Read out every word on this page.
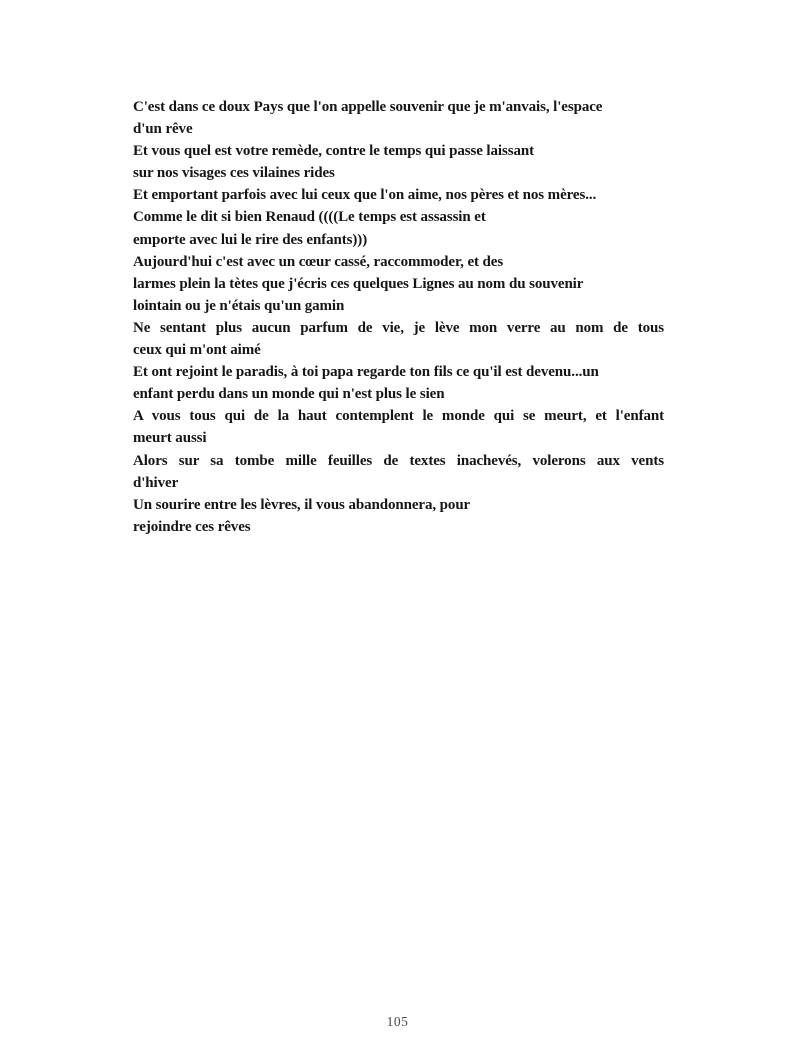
C'est dans ce doux Pays que l'on appelle souvenir que je m'anvais, l'espace
d'un rêve
Et vous quel est votre remède, contre le temps qui passe laissant
sur nos visages ces vilaines rides
Et emportant parfois avec lui ceux que l'on aime, nos pères et nos mères...
Comme le dit si bien Renaud ((((Le temps est assassin et
emporte avec lui le rire des enfants)))
Aujourd'hui c'est avec un cœur cassé, raccommoder, et des
larmes plein la tètes que j'écris ces quelques Lignes au nom du souvenir
lointain ou je n'étais qu'un gamin
Ne sentant plus aucun parfum de vie, je lève mon verre au nom de tous
ceux qui m'ont aimé
Et ont rejoint le paradis, à toi papa regarde ton fils ce qu'il est devenu...un
enfant perdu dans un monde qui n'est plus le sien
A vous tous qui de la haut contemplent le monde qui se meurt, et l'enfant
meurt aussi
Alors sur sa tombe mille feuilles de textes inachevés, volerons aux vents
d'hiver
Un sourire entre les lèvres, il vous abandonnera, pour
rejoindre ces rêves
105
